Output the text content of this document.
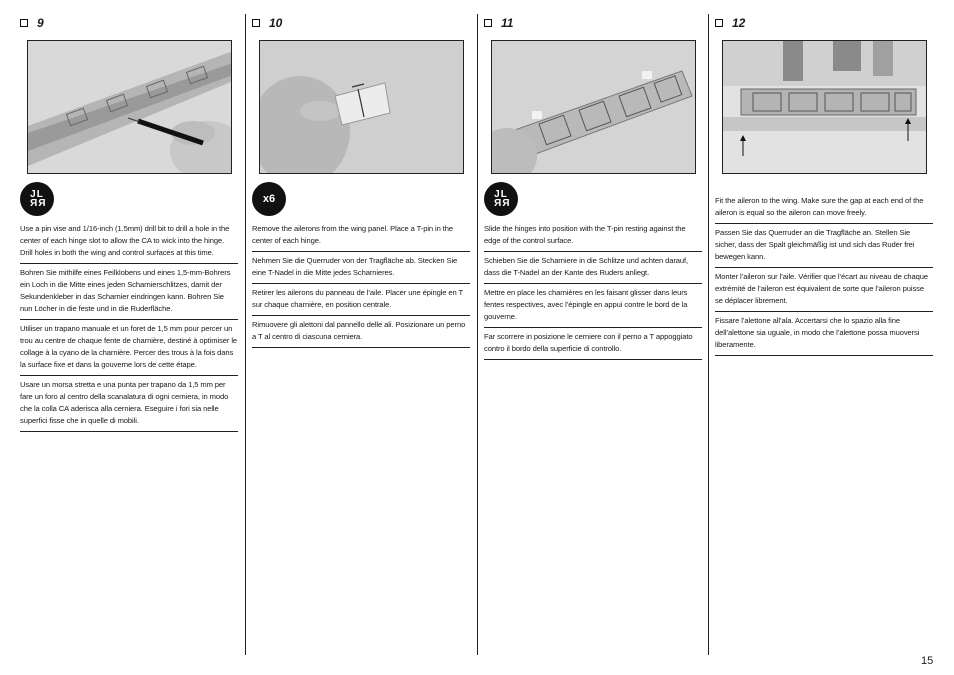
9
JL
RR
Use a pin vise and 1/16-inch (1.5mm) drill bit to drill a hole in the center of each hinge slot to allow the CA to wick into the hinge. Drill holes in both the wing and control surfaces at this time.
Bohren Sie mithilfe eines Feilklobens und eines 1,5-mm-Bohrers ein Loch in die Mitte eines jeden Scharnierschlitzes, damit der Sekundenkleber in das Scharnier eindringen kann. Bohren Sie nun Löcher in die feste und in die Ruderfläche.
Utiliser un trapano manuale et un foret de 1,5 mm pour percer un trou au centre de chaque fente de charnière, destiné à optimiser le collage à la cyano de la charnière. Percer des trous à la fois dans la surface fixe et dans la gouverne lors de cette étape.
Usare un morsa stretta e una punta per trapano da 1,5 mm per fare un foro al centro della scanalatura di ogni cerniera, in modo che la colla CA aderisca alla cerniera. Eseguire i fori sia nelle superfici fisse che in quelle di mobili.
10
x6
Remove the ailerons from the wing panel. Place a T-pin in the center of each hinge.
Nehmen Sie die Querruder von der Tragfläche ab. Stecken Sie eine T-Nadel in die Mitte jedes Scharnieres.
Retirer les ailerons du panneau de l’aile. Placer une épingle en T sur chaque charnière, en position centrale.
Rimuovere gli alettoni dal pannello delle ali. Posizionare un perno a T al centro di ciascuna cerniera.
11
JL
RR
Slide the hinges into position with the T-pin resting against the edge of the control surface.
Schieben Sie die Scharniere in die Schlitze und achten darauf, dass die T-Nadel an der Kante des Ruders anliegt.
Mettre en place les charnières en les faisant glisser dans leurs fentes respectives, avec l’épingle en appui contre le bord de la gouverne.
Far scorrere in posizione le cerniere con il perno a T appoggiato contro il bordo della superficie di controllo.
12
Fit the aileron to the wing. Make sure the gap at each end of the aileron is equal so the aileron can move freely.
Passen Sie das Querruder an die Tragfläche an. Stellen Sie sicher, dass der Spalt gleichmäßig ist und sich das Ruder frei bewegen kann.
Monter l’aileron sur l’aile. Vérifier que l’écart au niveau de chaque extrémité de l’aileron est équivalent de sorte que l’aileron puisse se déplacer librement.
Fissare l’alettone all’ala. Accertarsi che lo spazio alla fine dell’alettone sia uguale, in modo che l’alettone possa muoversi liberamente.
15
